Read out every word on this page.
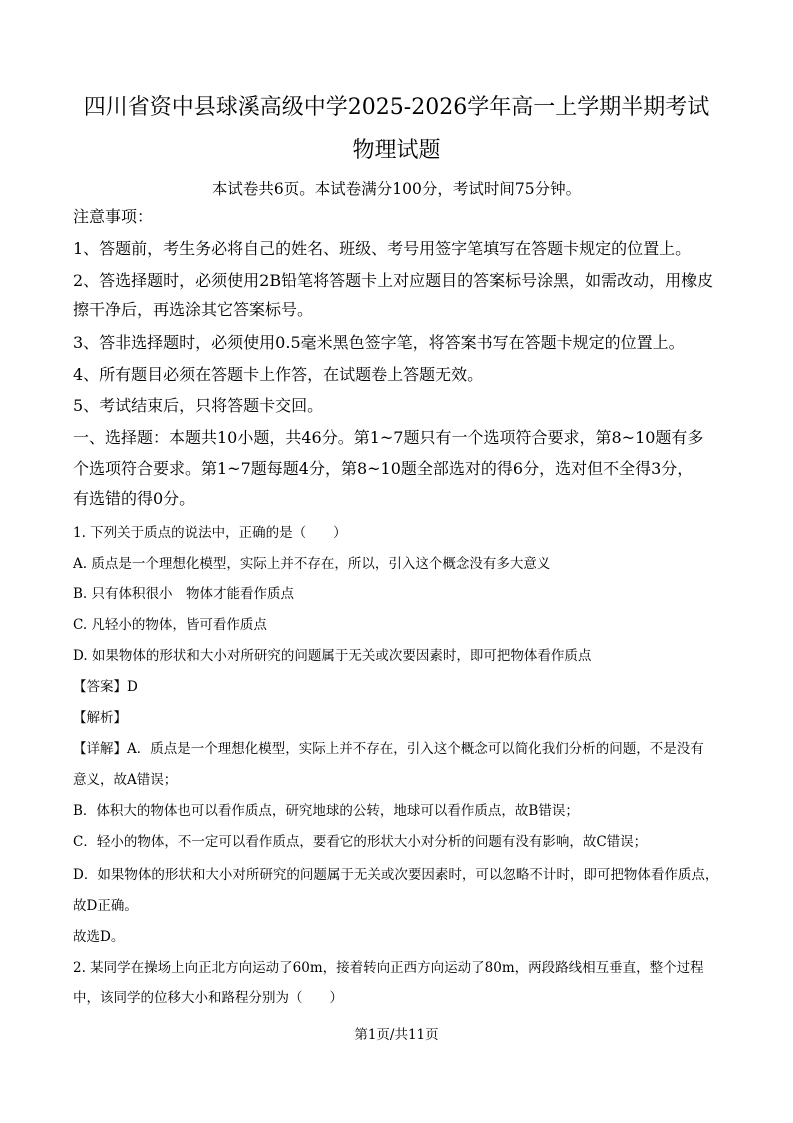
四川省资中县球溪高级中学2025-2026学年高一上学期半期考试
物理试题
本试卷共6页。本试卷满分100分，考试时间75分钟。
注意事项：
1、答题前，考生务必将自己的姓名、班级、考号用签字笔填写在答题卡规定的位置上。
2、答选择题时，必须使用2B铅笔将答题卡上对应题目的答案标号涂黑，如需改动，用橡皮
擦干净后，再选涂其它答案标号。
3、答非选择题时，必须使用0.5毫米黑色签字笔，将答案书写在答题卡规定的位置上。
4、所有题目必须在答题卡上作答，在试题卷上答题无效。
5、考试结束后，只将答题卡交回。
一、选择题：本题共10小题，共46分。第1~7题只有一个选项符合要求，第8~10题有多
个选项符合要求。第1~7题每题4分，第8~10题全部选对的得6分，选对但不全得3分，
有选错的得0分。
1. 下列关于质点的说法中，正确的是（　　）
A. 质点是一个理想化模型，实际上并不存在，所以，引入这个概念没有多大意义
B. 只有体积很小　物体才能看作质点
C. 凡轻小的物体，皆可看作质点
D. 如果物体的形状和大小对所研究的问题属于无关或次要因素时，即可把物体看作质点
【答案】D
【解析】
【详解】A．质点是一个理想化模型，实际上并不存在，引入这个概念可以简化我们分析的问题，不是没有
意义，故A错误；
B．体积大的物体也可以看作质点，研究地球的公转，地球可以看作质点，故B错误；
C．轻小的物体，不一定可以看作质点，要看它的形状大小对分析的问题有没有影响，故C错误；
D．如果物体的形状和大小对所研究的问题属于无关或次要因素时，可以忽略不计时，即可把物体看作质点，
故D正确。
故选D。
2. 某同学在操场上向正北方向运动了60m，接着转向正西方向运动了80m，两段路线相互垂直，整个过程
中，该同学的位移大小和路程分别为（　　）
第1页/共11页
